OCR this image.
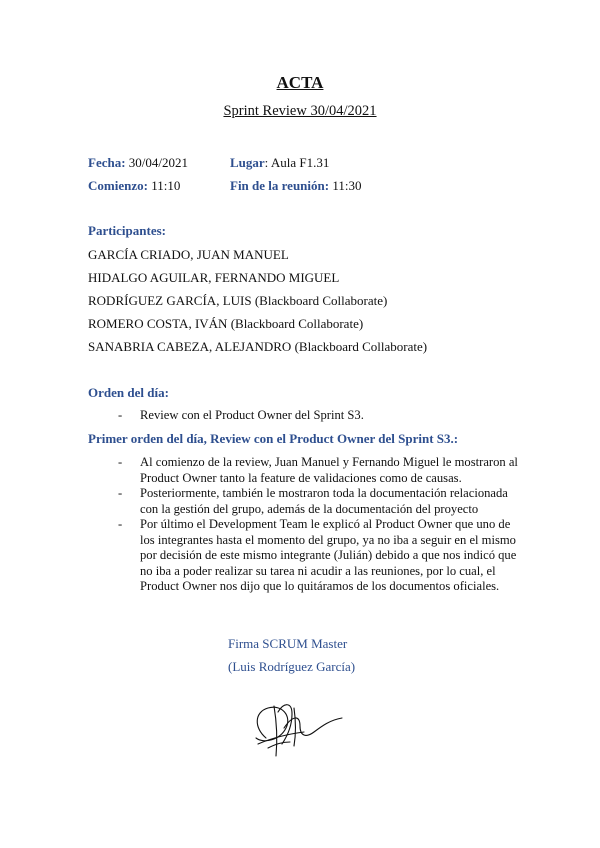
ACTA
Sprint Review 30/04/2021
Fecha: 30/04/2021	Lugar: Aula F1.31
Comienzo: 11:10	Fin de la reunión: 11:30
Participantes:
GARCÍA CRIADO, JUAN MANUEL
HIDALGO AGUILAR, FERNANDO MIGUEL
RODRÍGUEZ GARCÍA, LUIS (Blackboard Collaborate)
ROMERO COSTA, IVÁN (Blackboard Collaborate)
SANABRIA CABEZA, ALEJANDRO (Blackboard Collaborate)
Orden del día:
- Review con el Product Owner del Sprint S3.
Primer orden del día, Review con el Product Owner del Sprint S3.:
- Al comienzo de la review, Juan Manuel y Fernando Miguel le mostraron al Product Owner tanto la feature de validaciones como de causas.
- Posteriormente, también le mostraron toda la documentación relacionada con la gestión del grupo, además de la documentación del proyecto
- Por último el Development Team le explicó al Product Owner que uno de los integrantes hasta el momento del grupo, ya no iba a seguir en el mismo por decisión de este mismo integrante (Julián) debido a que nos indicó que no iba a poder realizar su tarea ni acudir a las reuniones, por lo cual, el Product Owner nos dijo que lo quitáramos de los documentos oficiales.
Firma SCRUM Master
(Luis Rodríguez García)
